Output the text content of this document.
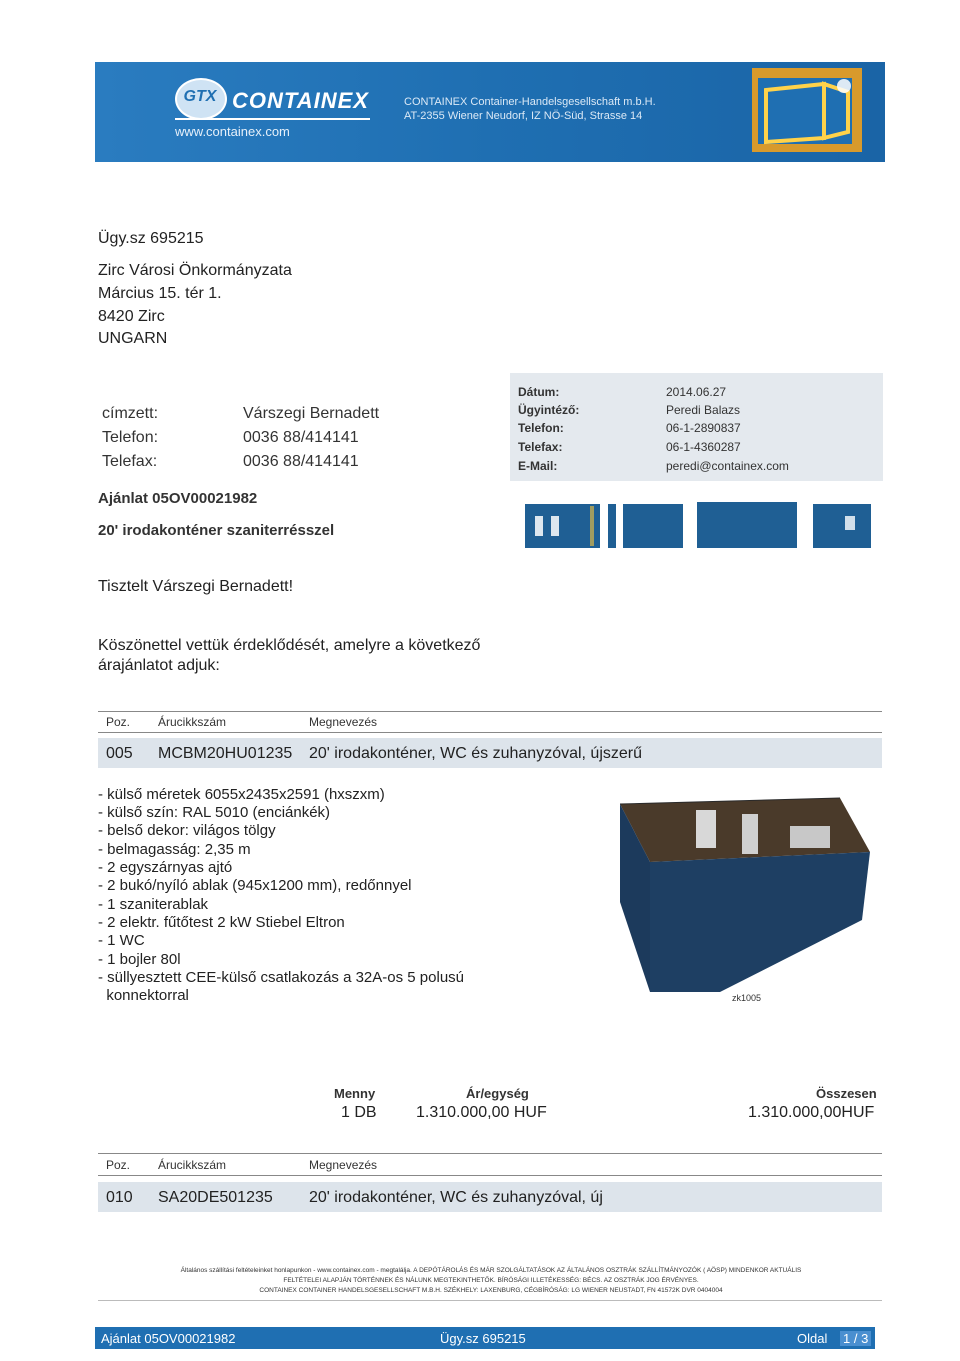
GTX CONTAINEX
www.containex.com
CONTAINEX Container-Handelsgesellschaft m.b.H.
AT-2355 Wiener Neudorf, IZ NÖ-Süd, Strasse 14
Ügy.sz 695215
Zirc Városi Önkormányzata
Március 15. tér 1.
8420 Zirc
UNGARN
címzett:	Várszegi Bernadett
Telefon:	0036 88/414141
Telefax:	0036 88/414141
Dátum:	2014.06.27
Ügyintéző:	Peredi Balazs
Telefon:	06-1-2890837
Telefax:	06-1-4360287
E-Mail:	peredi@containex.com
Ajánlat 05OV00021982
20' irodakonténer szaniterrésszel
Tisztelt Várszegi Bernadett!
Köszönettel vettük érdeklődését, amelyre a következő
árajánlatot adjuk:
Poz. Árucikkszám	Megnevezés
005 MCBM20HU01235 20' irodakonténer, WC és zuhanyzóval, újszerű
- külső méretek 6055x2435x2591 (hxszxm)
- külső szín: RAL 5010 (enciánkék)
- belső dekor: világos tölgy
- belmagasság: 2,35 m
- 2 egyszárnyas ajtó
- 2 bukó/nyíló ablak (945x1200 mm), redőnnyel
- 1 szaniterablak
- 2 elektr. fűtőtest 2 kW Stiebel Eltron
- 1 WC
- 1 bojler 80l
- süllyesztett CEE-külső csatlakozás a 32A-os 5 polusú
konnektorral	zk1005
Menny	Ár/egység	Összesen
1 DB 1.310.000,00 HUF	1.310.000,00HUF
Poz. Árucikkszám	Megnevezés
010 SA20DE501235 20' irodakonténer, WC és zuhanyzóval, új
Általános szállítási feltételeinket honlapunkon - www.containex.com - megtalálja. A DEPÓTÁROLÁS ÉS MÁR SZOLGÁLTATÁSOK AZ ÁLTALÁNOS OSZTRÁK SZÁLLÍTMÁNYOZÓK ( AÖSP) MINDENKOR AKTUÁLIS
FELTÉTELEI ALAPJÁN TÖRTÉNNEK ÉS NÁLUNK MEGTEKINTHETŐK. BÍRÓSÁGI ILLETÉKESSÉG: BÉCS. AZ OSZTRÁK JOG ÉRVÉNYES.
CONTAINEX CONTAINER HANDELSGESELLSCHAFT M.B.H. SZÉKHELY: LAXENBURG, CÉGBÍRÓSÁG: LG WIENER NEUSTADT, FN 41572K DVR 0404004
Ajánlat 05OV00021982	Ügy.sz 695215	Oldal 1 / 3
